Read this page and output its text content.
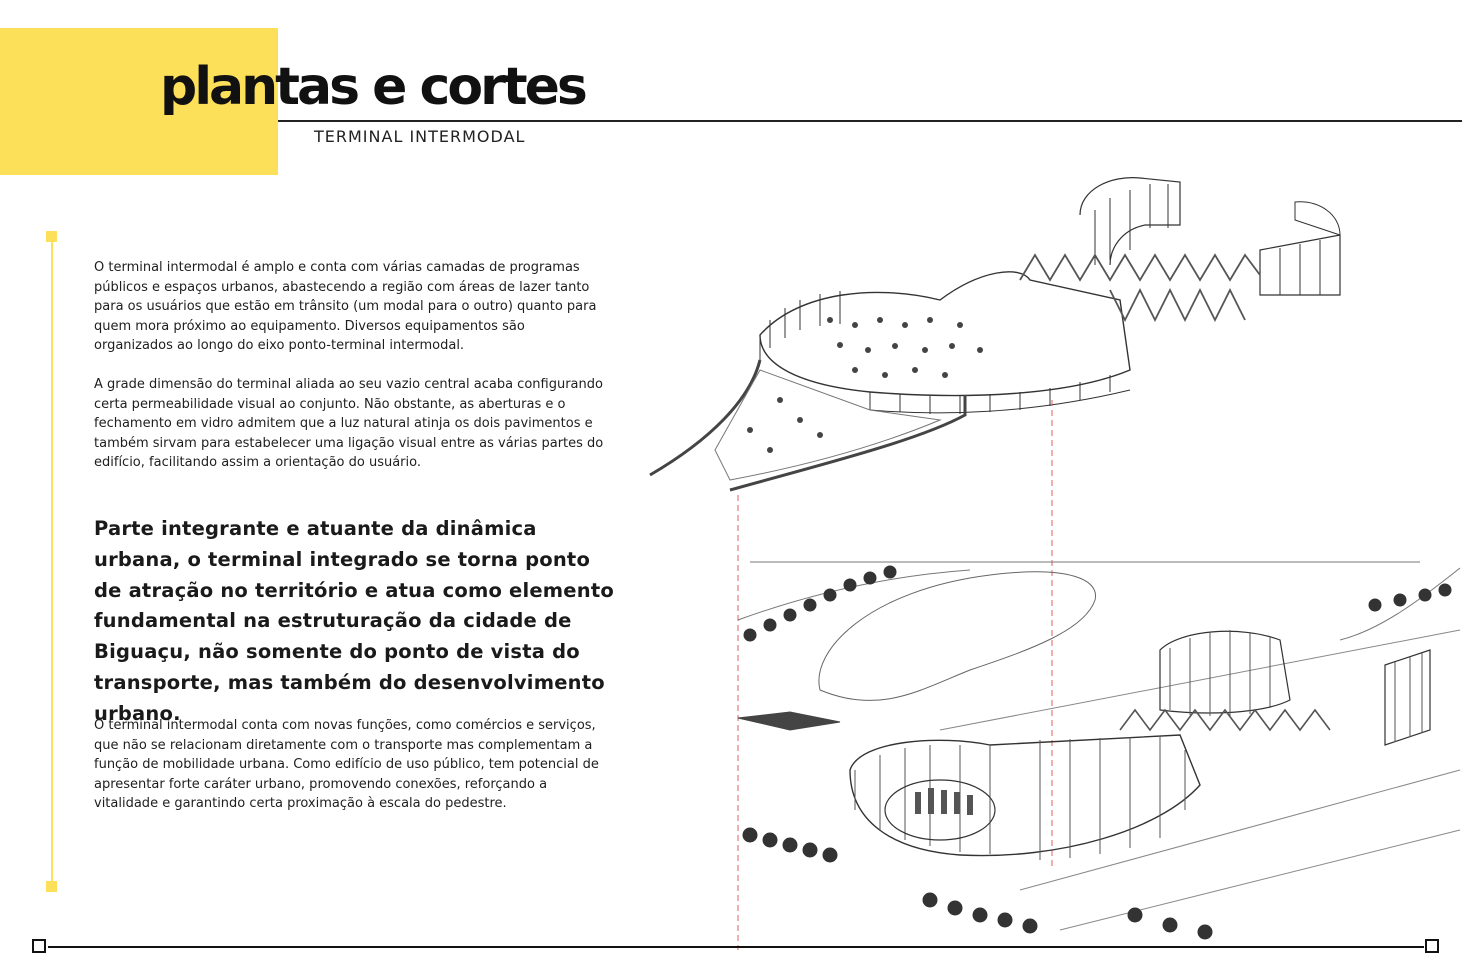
plantas e cortes
TERMINAL INTERMODAL

O terminal intermodal é amplo e conta com várias camadas de programas públicos e espaços urbanos, abastecendo a região com áreas de lazer tanto para os usuários que estão em trânsito (um modal para o outro) quanto para quem mora próximo ao equipamento. Diversos equipamentos são organizados ao longo do eixo ponto-terminal intermodal.

A grade dimensão do terminal aliada ao seu vazio central acaba configurando certa permeabilidade visual ao conjunto. Não obstante, as aberturas e o fechamento em vidro admitem que a luz natural atinja os dois pavimentos e também sirvam para estabelecer uma ligação visual entre as várias partes do edifício, facilitando assim a orientação do usuário.

Parte integrante e atuante da dinâmica urbana, o terminal integrado se torna ponto de atração no território e atua como elemento fundamental na estruturação da cidade de Biguaçu, não somente do ponto de vista do transporte, mas também do desenvolvimento urbano.

O terminal intermodal conta com novas funções, como comércios e serviços, que não se relacionam diretamente com o transporte mas complementam a função de mobilidade urbana. Como edifício de uso público, tem potencial de apresentar forte caráter urbano, promovendo conexões, reforçando a vitalidade e garantindo certa proximação à escala do pedestre.
